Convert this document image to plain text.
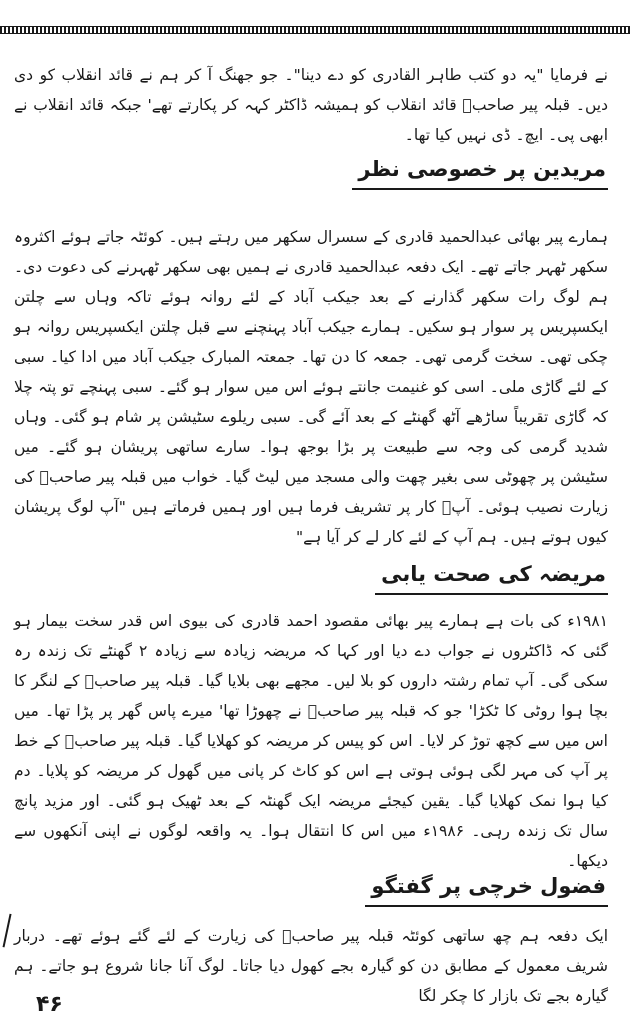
نے فرمایا "یہ دو کتب طاہر القادری کو دے دینا"۔ جو جھنگ آ کر ہم نے قائد انقلاب کو دی دیں۔ قبلہ پیر صاحبؒ قائد انقلاب کو ہمیشہ ڈاکٹر کہہ کر پکارتے تھے' جبکہ قائد انقلاب نے ابھی پی۔ ایچ۔ ڈی نہیں کیا تھا۔

مریدین پر خصوصی نظر

ہمارے پیر بھائی عبدالحمید قادری کے سسرال سکھر میں رہتے ہیں۔ کوئٹہ جاتے ہوئے اکثروہ سکھر ٹھہر جاتے تھے۔ ایک دفعہ عبدالحمید قادری نے ہمیں بھی سکھر ٹھہرنے کی دعوت دی۔ ہم لوگ رات سکھر گذارنے کے بعد جیکب آباد کے لئے روانہ ہوئے تاکہ وہاں سے چلتن ایکسپریس پر سوار ہو سکیں۔ ہمارے جیکب آباد پہنچنے سے قبل چلتن ایکسپریس روانہ ہو چکی تھی۔ سخت گرمی تھی۔ جمعہ کا دن تھا۔ جمعتہ المبارک جیکب آباد میں ادا کیا۔ سبی کے لئے گاڑی ملی۔ اسی کو غنیمت جانتے ہوئے اس میں سوار ہو گئے۔ سبی پہنچے تو پتہ چلا کہ گاڑی تقریباً ساڑھے آٹھ گھنٹے کے بعد آئے گی۔ سبی ریلوے سٹیشن پر شام ہو گئی۔ وہاں شدید گرمی کی وجہ سے طبیعت پر بڑا بوجھ ہوا۔ سارے ساتھی پریشان ہو گئے۔ میں سٹیشن پر چھوٹی سی بغیر چھت والی مسجد میں لیٹ گیا۔ خواب میں قبلہ پیر صاحبؒ کی زیارت نصیب ہوئی۔ آپؒ کار پر تشریف فرما ہیں اور ہمیں فرماتے ہیں "آپ لوگ پریشان کیوں ہوتے ہیں۔ ہم آپ کے لئے کار لے کر آیا ہے"

مریضہ کی صحت یابی

۱۹۸۱ء کی بات ہے ہمارے پیر بھائی مقصود احمد قادری کی بیوی اس قدر سخت بیمار ہو گئی کہ ڈاکٹروں نے جواب دے دیا اور کہا کہ مریضہ زیادہ سے زیادہ ۲ گھنٹے تک زندہ رہ سکی گی۔ آپ تمام رشتہ داروں کو بلا لیں۔ مجھے بھی بلایا گیا۔ قبلہ پیر صاحبؒ کے لنگر کا بچا ہوا روٹی کا ٹکڑا' جو کہ قبلہ پیر صاحبؒ نے چھوڑا تھا' میرے پاس گھر پر پڑا تھا۔ میں اس میں سے کچھ توڑ کر لایا۔ اس کو پیس کر مریضہ کو کھلایا گیا۔ قبلہ پیر صاحبؒ کے خط پر آپ کی مہر لگی ہوئی ہوتی ہے اس کو کاٹ کر پانی میں گھول کر مریضہ کو پلایا۔ دم کیا ہوا نمک کھلایا گیا۔ یقین کیجئے مریضہ ایک گھنٹہ کے بعد ٹھیک ہو گئی۔ اور مزید پانچ سال تک زندہ رہی۔ ۱۹۸۶ء میں اس کا انتقال ہوا۔ یہ واقعہ لوگوں نے اپنی آنکھوں سے دیکھا۔

فضول خرچی پر گفتگو

ایک دفعہ ہم چھ ساتھی کوئٹہ قبلہ پیر صاحبؒ کی زیارت کے لئے گئے ہوئے تھے۔ دربار شریف معمول کے مطابق دن کو گیارہ بجے کھول دیا جاتا۔ لوگ آنا جانا شروع ہو جاتے۔ ہم گیارہ بجے تک بازار کا چکر لگا

۴۶
